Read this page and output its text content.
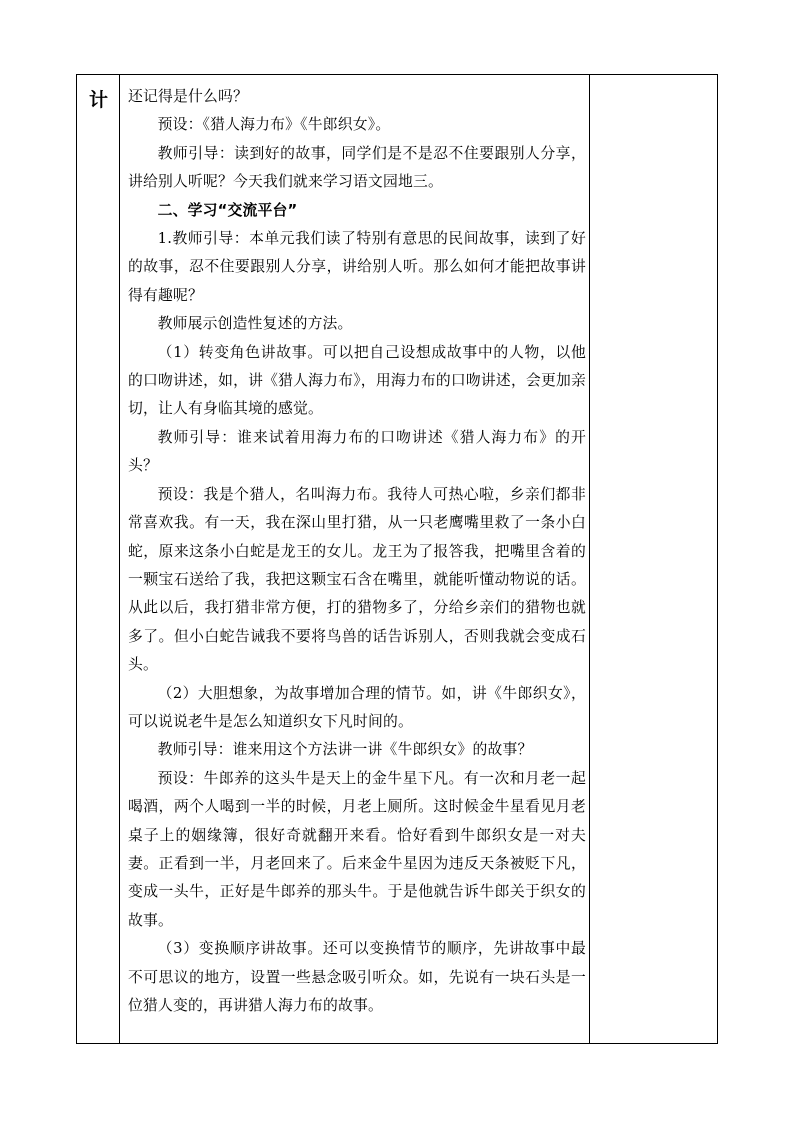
计 还记得是什么吗？

预设：《猎人海力布》《牛郎织女》。

教师引导：读到好的故事，同学们是不是忍不住要跟别人分享，讲给别人听呢？今天我们就来学习语文园地三。

二、学习“交流平台”

1.教师引导：本单元我们读了特别有意思的民间故事，读到了好的故事，忍不住要跟别人分享，讲给别人听。那么如何才能把故事讲得有趣呢？

教师展示创造性复述的方法。

（1）转变角色讲故事。可以把自己设想成故事中的人物，以他的口吻讲述，如，讲《猎人海力布》，用海力布的口吻讲述，会更加亲切，让人有身临其境的感觉。

教师引导：谁来试着用海力布的口吻讲述《猎人海力布》的开头？

预设：我是个猎人，名叫海力布。我待人可热心啦，乡亲们都非常喜欢我。有一天，我在深山里打猎，从一只老鹰嘴里救了一条小白蛇，原来这条小白蛇是龙王的女儿。龙王为了报答我，把嘴里含着的一颗宝石送给了我，我把这颗宝石含在嘴里，就能听懂动物说的话。从此以后，我打猎非常方便，打的猎物多了，分给乡亲们的猎物也就多了。但小白蛇告诫我不要将鸟兽的话告诉别人，否则我就会变成石头。

（2）大胆想象，为故事增加合理的情节。如，讲《牛郎织女》，可以说说老牛是怎么知道织女下凡时间的。

教师引导：谁来用这个方法讲一讲《牛郎织女》的故事？

预设：牛郎养的这头牛是天上的金牛星下凡。有一次和月老一起喝酒，两个人喝到一半的时候，月老上厕所。这时候金牛星看见月老桌子上的姻缘簿，很好奇就翻开来看。恰好看到牛郎织女是一对夫妻。正看到一半，月老回来了。后来金牛星因为违反天条被贬下凡，变成一头牛，正好是牛郎养的那头牛。于是他就告诉牛郎关于织女的故事。

（3）变换顺序讲故事。还可以变换情节的顺序，先讲故事中最不可思议的地方，设置一些悬念吸引听众。如，先说有一块石头是一位猎人变的，再讲猎人海力布的故事。
